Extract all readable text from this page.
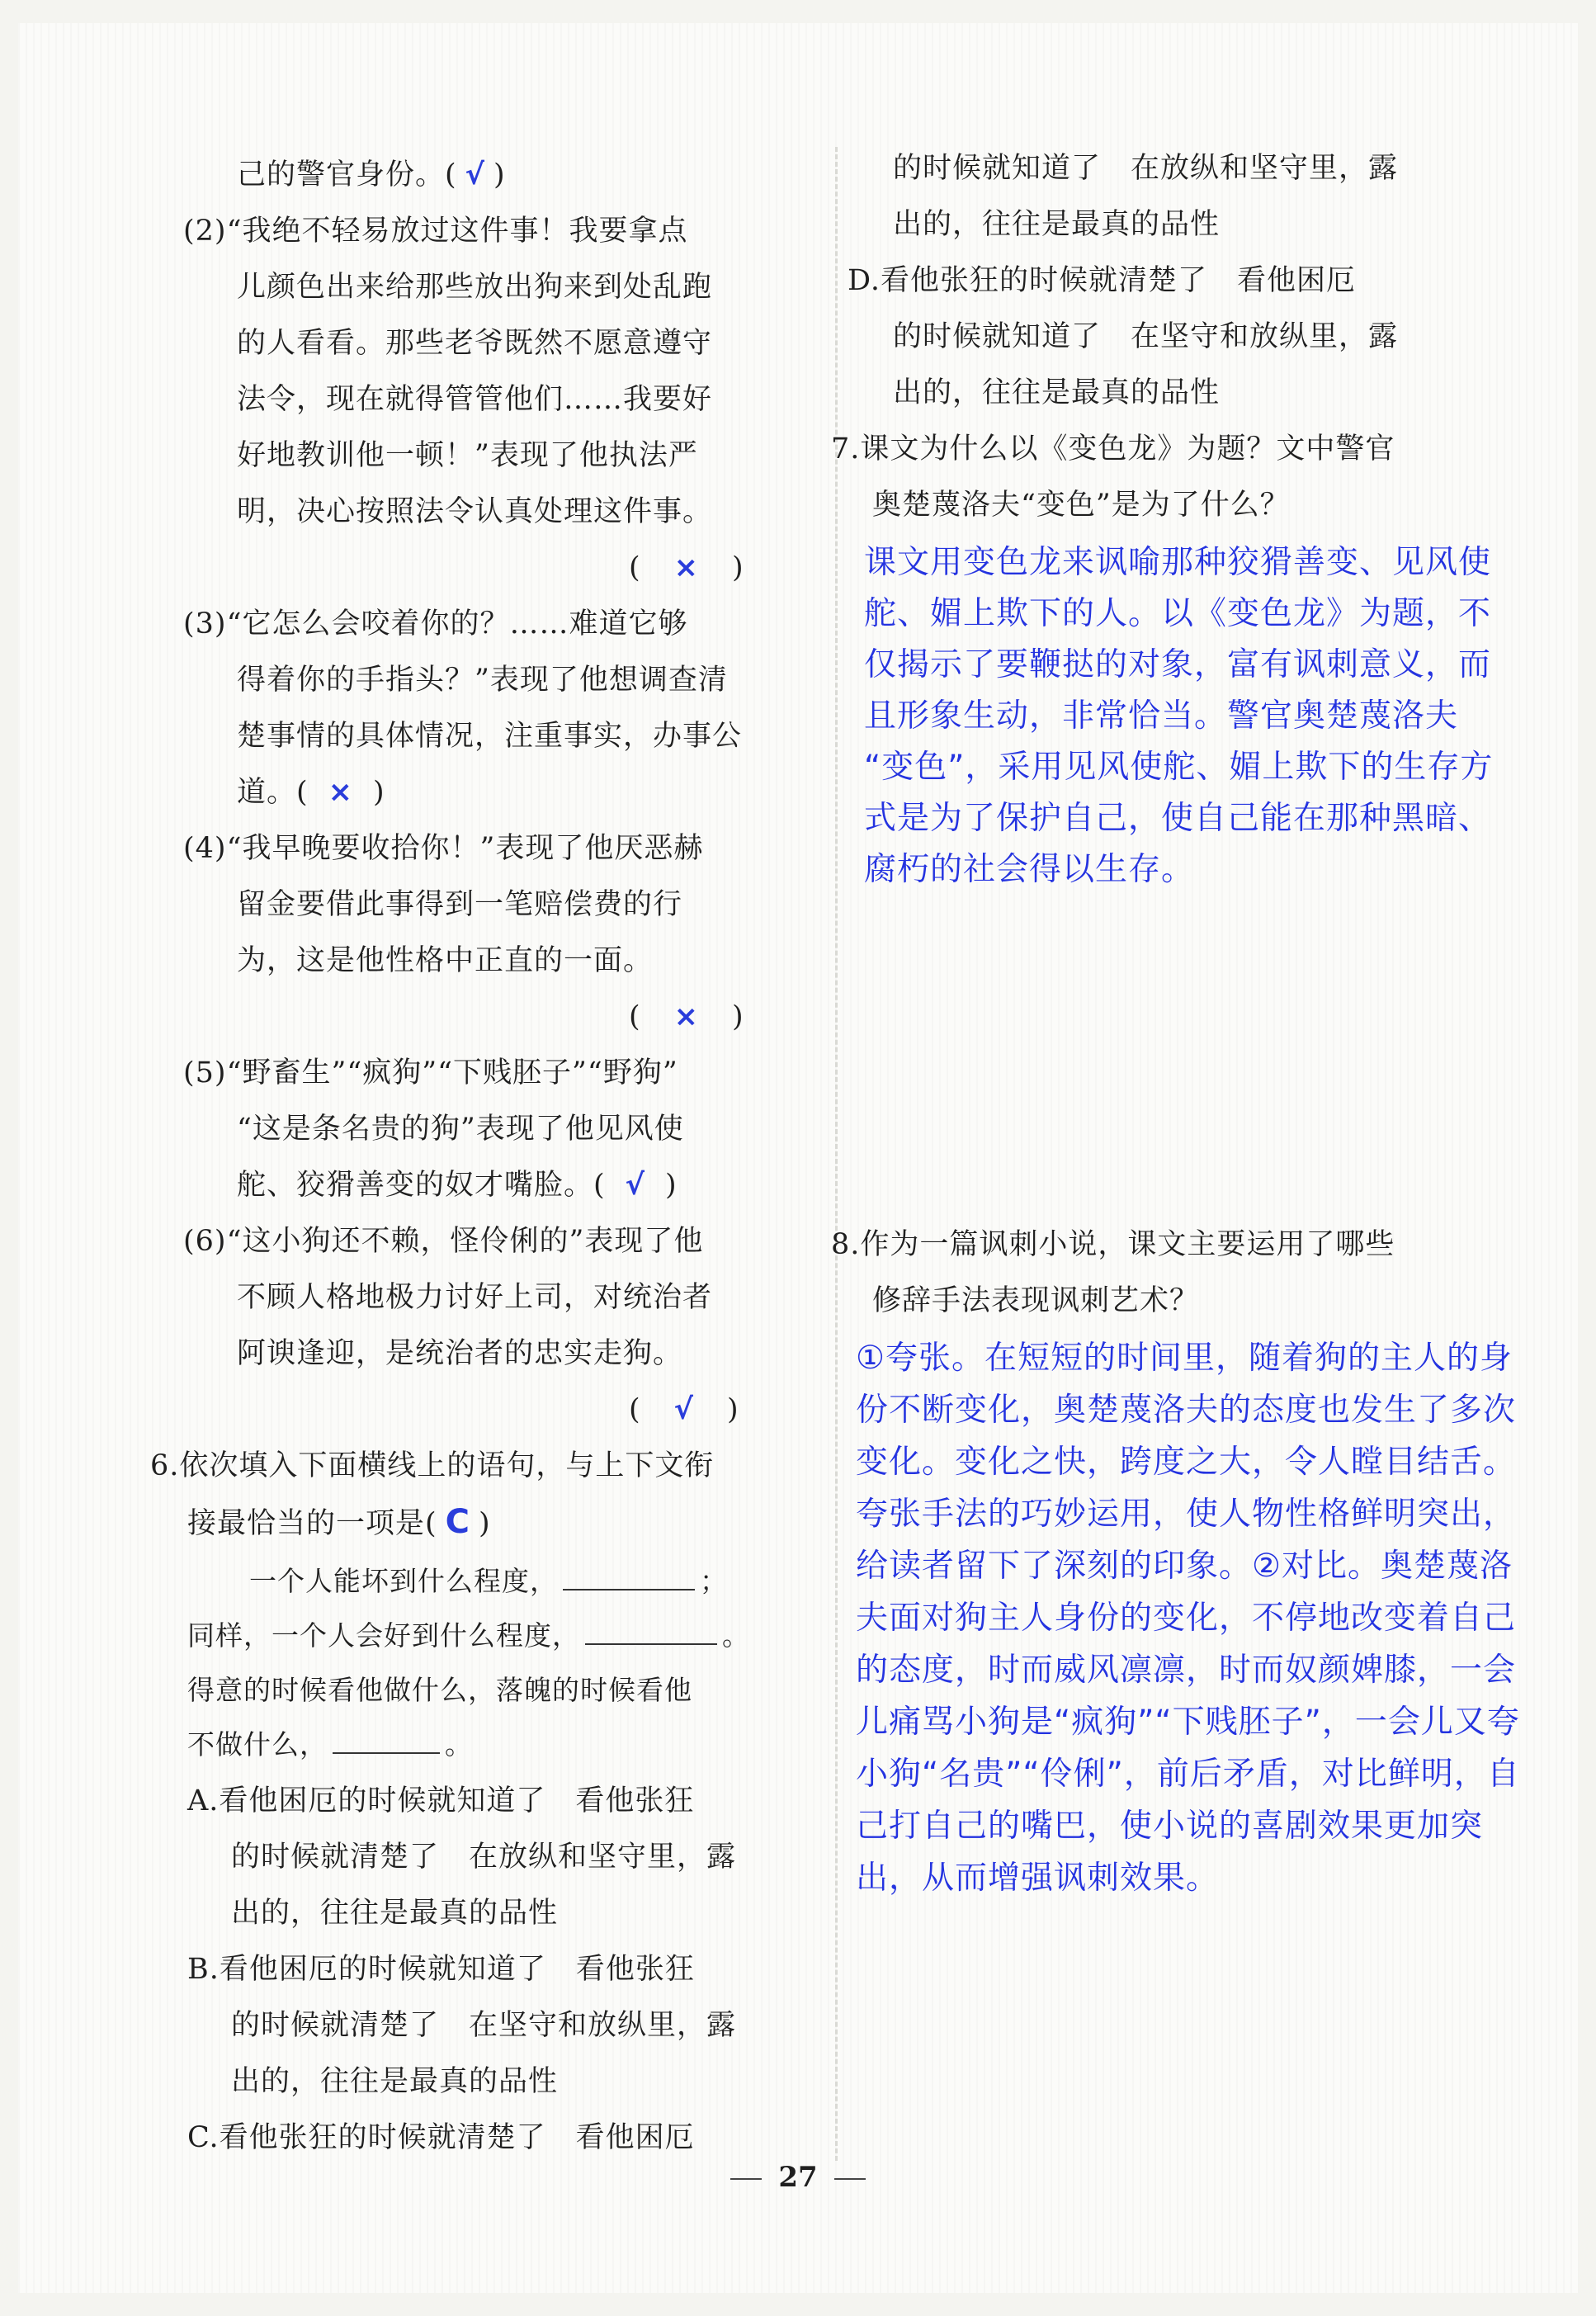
己的警官身份。( √ )
(2)“我绝不轻易放过这件事！我要拿点
儿颜色出来给那些放出狗来到处乱跑
的人看看。那些老爷既然不愿意遵守
法令，现在就得管管他们……我要好
好地教训他一顿！”表现了他执法严
明，决心按照法令认真处理这件事。
( × )
(3)“它怎么会咬着你的？……难道它够
得着你的手指头？”表现了他想调查清
楚事情的具体情况，注重事实，办事公
道。( × )
(4)“我早晚要收拾你！”表现了他厌恶赫
留金要借此事得到一笔赔偿费的行
为，这是他性格中正直的一面。
( × )
(5)“野畜生”“疯狗”“下贱胚子”“野狗”
“这是条名贵的狗”表现了他见风使
舵、狡猾善变的奴才嘴脸。( √ )
(6)“这小狗还不赖，怪伶俐的”表现了他
不顾人格地极力讨好上司，对统治者
阿谀逢迎，是统治者的忠实走狗。
( √ )
6.依次填入下面横线上的语句，与上下文衔
接最恰当的一项是( C )
一个人能坏到什么程度，	；
同样，一个人会好到什么程度，	。
得意的时候看他做什么，落魄的时候看他
不做什么，	。
A.看他困厄的时候就知道了　看他张狂
的时候就清楚了　在放纵和坚守里，露
出的，往往是最真的品性
B.看他困厄的时候就知道了　看他张狂
的时候就清楚了　在坚守和放纵里，露
出的，往往是最真的品性
C.看他张狂的时候就清楚了　看他困厄
的时候就知道了　在放纵和坚守里，露
出的，往往是最真的品性
D.看他张狂的时候就清楚了　看他困厄
的时候就知道了　在坚守和放纵里，露
出的，往往是最真的品性
7.课文为什么以《变色龙》为题？文中警官
奥楚蔑洛夫“变色”是为了什么？
课文用变色龙来讽喻那种狡猾善变、见风使
舵、媚上欺下的人。以《变色龙》为题，不
仅揭示了要鞭挞的对象，富有讽刺意义，而
且形象生动，非常恰当。警官奥楚蔑洛夫
“变色”，采用见风使舵、媚上欺下的生存方
式是为了保护自己，使自己能在那种黑暗、
腐朽的社会得以生存。
8.作为一篇讽刺小说，课文主要运用了哪些
修辞手法表现讽刺艺术？
①夸张。在短短的时间里，随着狗的主人的身
份不断变化，奥楚蔑洛夫的态度也发生了多次
变化。变化之快，跨度之大，令人瞠目结舌。
夸张手法的巧妙运用，使人物性格鲜明突出，
给读者留下了深刻的印象。②对比。奥楚蔑洛
夫面对狗主人身份的变化，不停地改变着自己
的态度，时而威风凛凛，时而奴颜婢膝，一会
儿痛骂小狗是“疯狗”“下贱胚子”，一会儿又夸
小狗“名贵”“伶俐”，前后矛盾，对比鲜明，自
己打自己的嘴巴，使小说的喜剧效果更加突
出，从而增强讽刺效果。
27
